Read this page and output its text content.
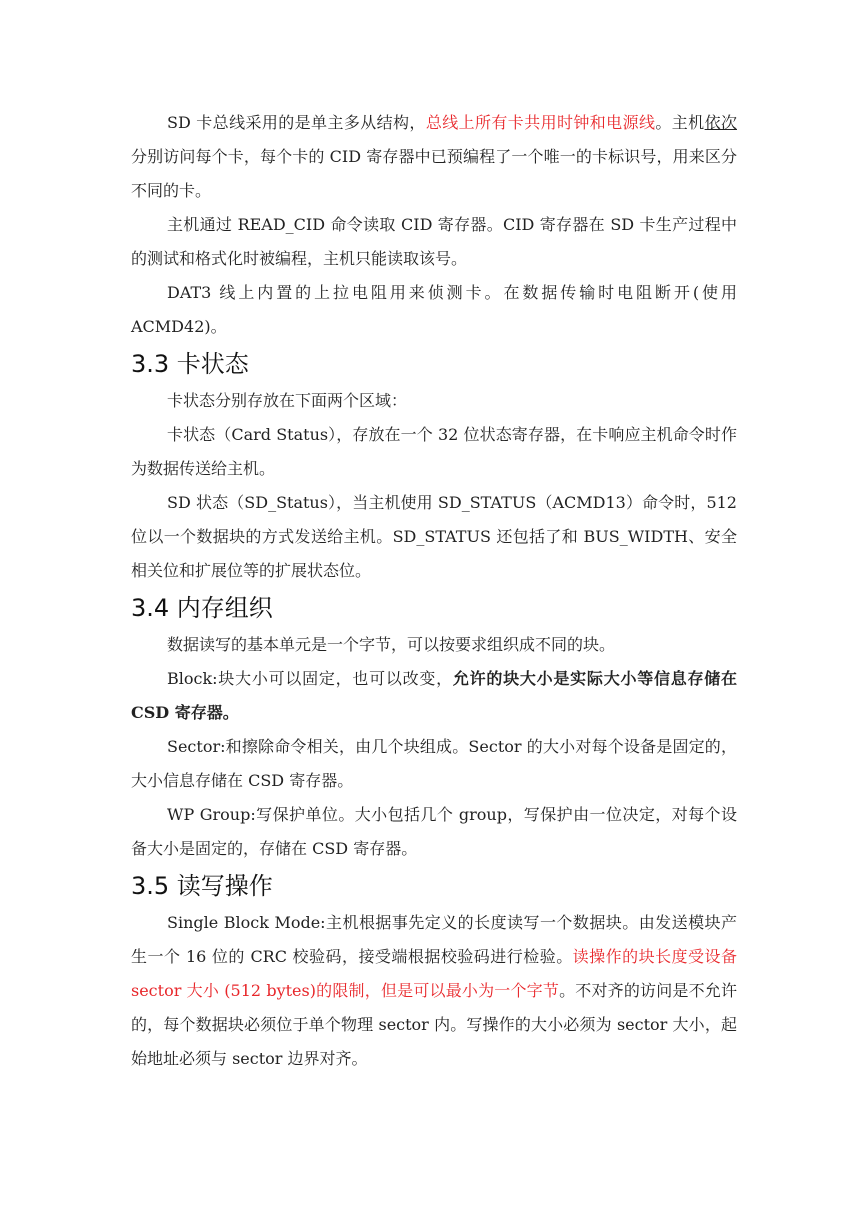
SD 卡总线采用的是单主多从结构，总线上所有卡共用时钟和电源线。主机依次分别访问每个卡，每个卡的 CID 寄存器中已预编程了一个唯一的卡标识号，用来区分不同的卡。

主机通过 READ_CID 命令读取 CID 寄存器。CID 寄存器在 SD 卡生产过程中的测试和格式化时被编程，主机只能读取该号。

DAT3 线上内置的上拉电阻用来侦测卡。在数据传输时电阻断开(使用 ACMD42)。

3.3 卡状态

卡状态分别存放在下面两个区域：

卡状态（Card Status），存放在一个 32 位状态寄存器，在卡响应主机命令时作为数据传送给主机。

SD 状态（SD_Status），当主机使用 SD_STATUS（ACMD13）命令时，512 位以一个数据块的方式发送给主机。SD_STATUS 还包括了和 BUS_WIDTH、安全相关位和扩展位等的扩展状态位。

3.4 内存组织

数据读写的基本单元是一个字节，可以按要求组织成不同的块。

Block:块大小可以固定，也可以改变，允许的块大小是实际大小等信息存储在 CSD 寄存器。

Sector:和擦除命令相关，由几个块组成。Sector 的大小对每个设备是固定的，大小信息存储在 CSD 寄存器。

WP Group:写保护单位。大小包括几个 group，写保护由一位决定，对每个设备大小是固定的，存储在 CSD 寄存器。

3.5 读写操作

Single Block Mode:主机根据事先定义的长度读写一个数据块。由发送模块产生一个 16 位的 CRC 校验码，接受端根据校验码进行检验。读操作的块长度受设备 sector 大小 (512 bytes)的限制，但是可以最小为一个字节。不对齐的访问是不允许的，每个数据块必须位于单个物理 sector 内。写操作的大小必须为 sector 大小，起始地址必须与 sector 边界对齐。
